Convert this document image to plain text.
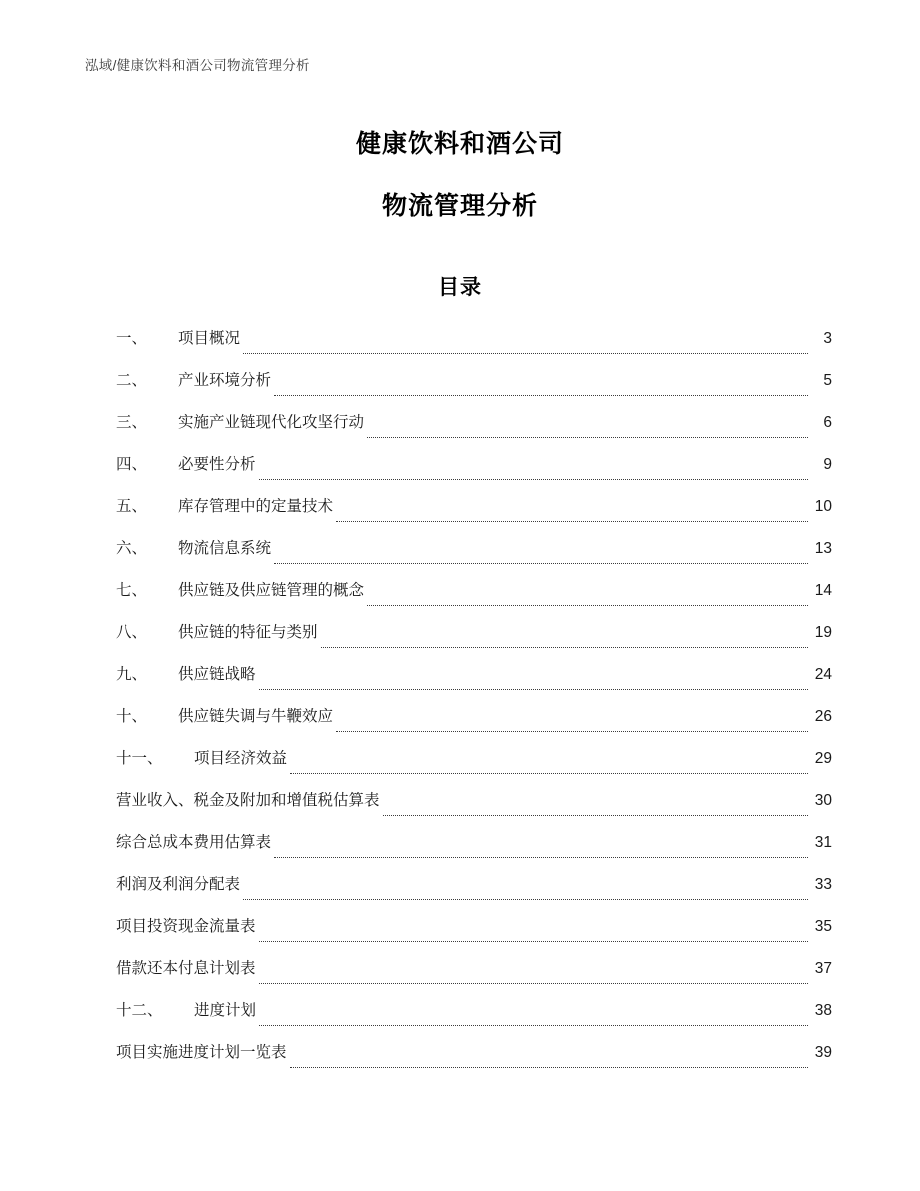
泓域/健康饮料和酒公司物流管理分析
健康饮料和酒公司
物流管理分析
目录
一、	项目概况	3
二、	产业环境分析	5
三、	实施产业链现代化攻坚行动	6
四、	必要性分析	9
五、	库存管理中的定量技术	10
六、	物流信息系统	13
七、	供应链及供应链管理的概念	14
八、	供应链的特征与类别	19
九、	供应链战略	24
十、	供应链失调与牛鞭效应	26
十一、	项目经济效益	29
营业收入、税金及附加和增值税估算表	30
综合总成本费用估算表	31
利润及利润分配表	33
项目投资现金流量表	35
借款还本付息计划表	37
十二、	进度计划	38
项目实施进度计划一览表	39
